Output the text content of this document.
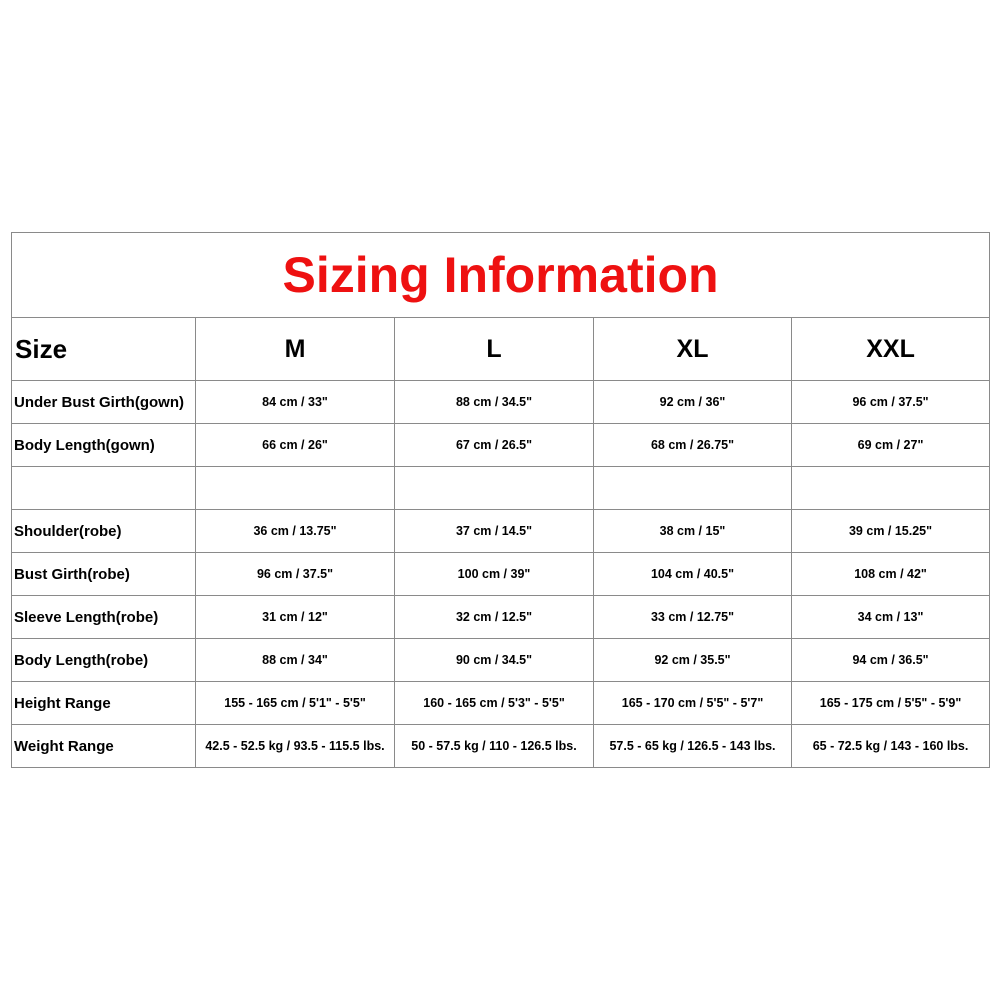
Sizing Information				
Size	M	L	XL	XXL
Under Bust Girth(gown)	84 cm / 33"	88 cm / 34.5"	92 cm / 36"	96 cm / 37.5"
Body Length(gown)	66 cm / 26"	67 cm / 26.5"	68 cm / 26.75"	69 cm / 27"

Shoulder(robe)	36 cm / 13.75"	37 cm / 14.5"	38 cm / 15"	39 cm / 15.25"
Bust Girth(robe)	96 cm / 37.5"	100 cm / 39"	104 cm / 40.5"	108 cm / 42"
Sleeve Length(robe)	31 cm / 12"	32 cm / 12.5"	33 cm / 12.75"	34 cm / 13"
Body Length(robe)	88 cm / 34"	90 cm / 34.5"	92 cm / 35.5"	94 cm / 36.5"
Height Range	155 - 165 cm / 5'1" - 5'5"	160 - 165 cm / 5'3" - 5'5"	165 - 170 cm / 5'5" - 5'7"	165 - 175 cm / 5'5" - 5'9"
Weight Range	42.5 - 52.5 kg / 93.5 - 115.5 lbs.	50 - 57.5 kg / 110 - 126.5 lbs.	57.5 - 65 kg / 126.5 - 143 lbs.	65 - 72.5 kg / 143 - 160 lbs.
